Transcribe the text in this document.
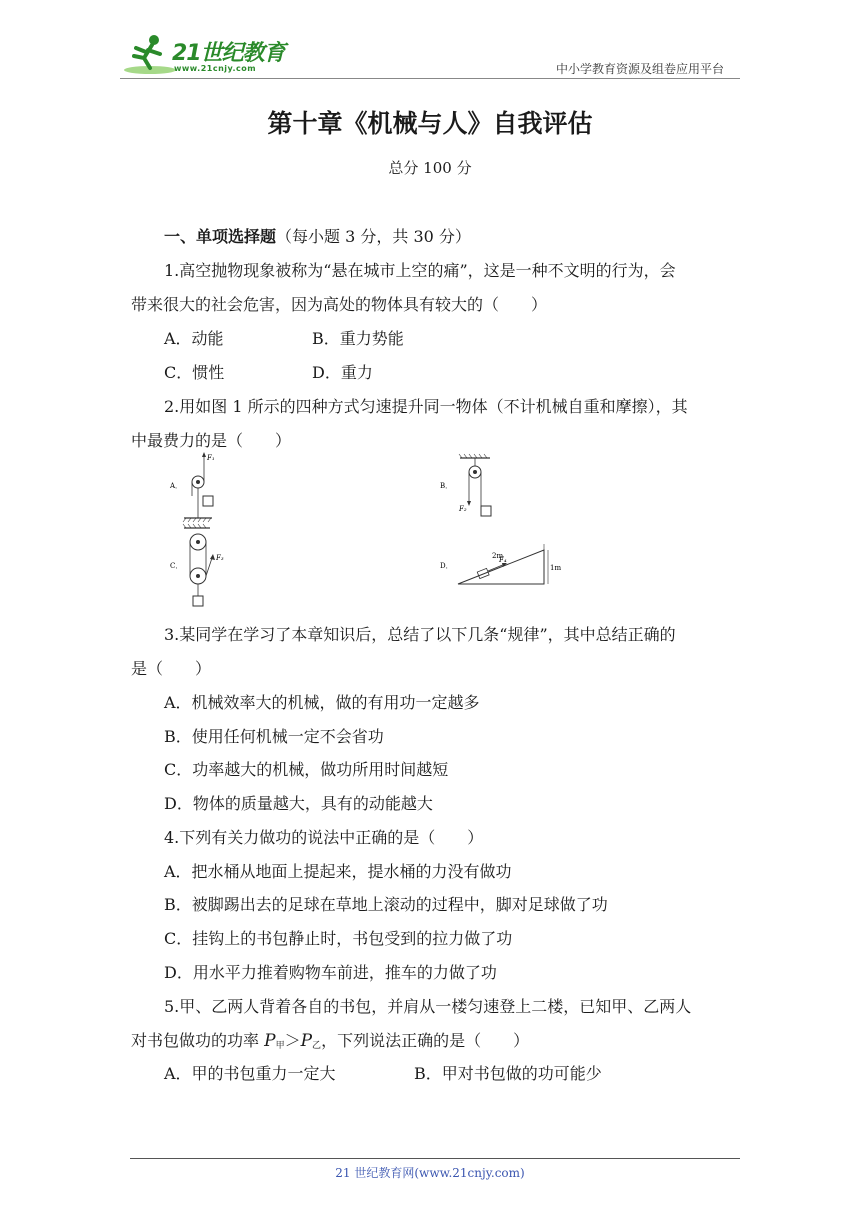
21世纪教育
www.21cnjy.com	中小学教育资源及组卷应用平台
第十章《机械与人》自我评估
总分 100 分
一、单项选择题（每小题 3 分，共 30 分）
1.高空抛物现象被称为“悬在城市上空的痛”，这是一种不文明的行为，会
带来很大的社会危害，因为高处的物体具有较大的（　　）
A．动能	B．重力势能
C．惯性	D．重力
2.用如图 1 所示的四种方式匀速提升同一物体（不计机械自重和摩擦），其
中最费力的是（　　）
A．
F₁
B．
F₂
C．
F₃
D．	1m
F₄
2m
3.某同学在学习了本章知识后，总结了以下几条“规律”，其中总结正确的
是（　　）
A．机械效率大的机械，做的有用功一定越多
B．使用任何机械一定不会省功
C．功率越大的机械，做功所用时间越短
D．物体的质量越大，具有的动能越大
4.下列有关力做功的说法中正确的是（　　）
A．把水桶从地面上提起来，提水桶的力没有做功
B．被脚踢出去的足球在草地上滚动的过程中，脚对足球做了功
C．挂钩上的书包静止时，书包受到的拉力做了功
D．用水平力推着购物车前进，推车的力做了功
5.甲、乙两人背着各自的书包，并肩从一楼匀速登上二楼，已知甲、乙两人
对书包做功的功率 $P_甲>P_乙$，下列说法正确的是（　　）
A．甲的书包重力一定大	B．甲对书包做的功可能少
21 世纪教育网(www.21cnjy.com)
